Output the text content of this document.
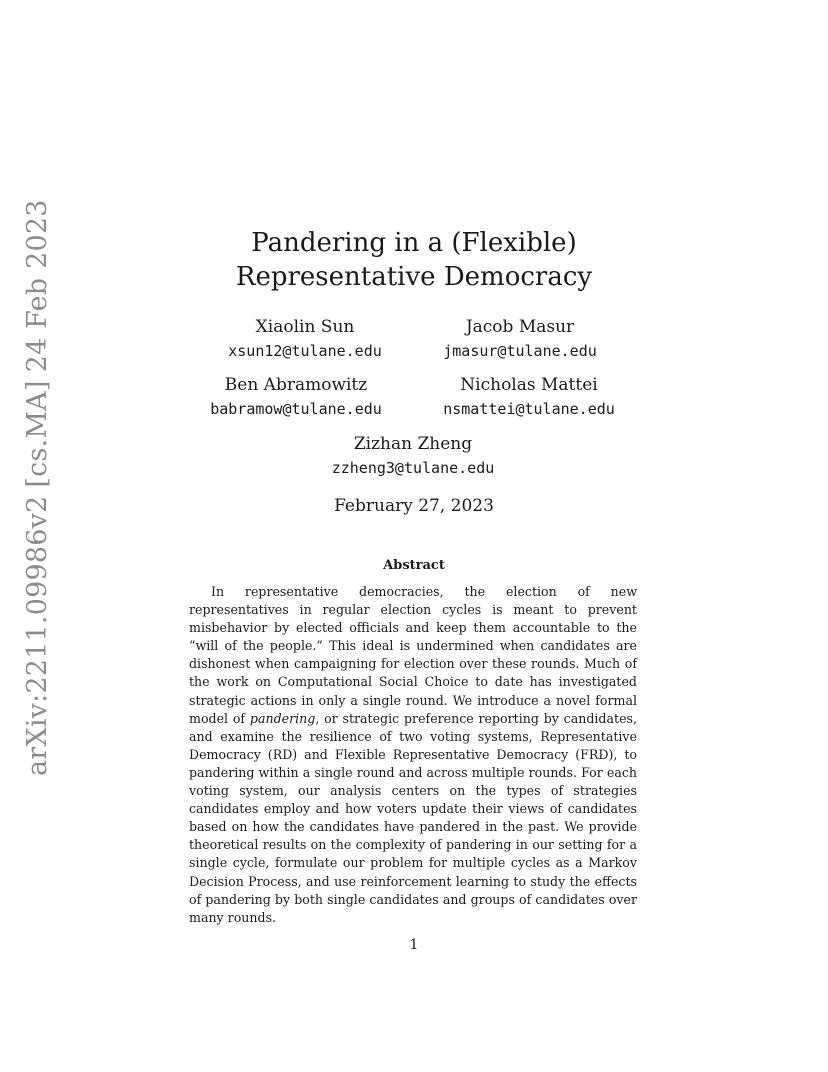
arXiv:2211.09986v2[cs.MA]24 Feb 2023	Pandering in a (Flexible) Representative Democracy
Xiaolin Sun
xsun12@tulane.edu
Jacob Masur
jmasur@tulane.edu
Ben Abramowitz
babramow@tulane.edu
Nicholas Mattei
nsmattei@tulane.edu
Zizhan Zheng
zzheng3@tulane.edu
February 27, 2023
Abstract

In representative democracies, the election of new representatives in regular election cycles is meant to prevent misbehavior by elected officials and keep them accountable to the “will of the people.” This ideal is undermined when candidates are dishonest when campaigning for election over these rounds. Much of the work on Computational Social Choice to date has investigated strategic actions in only a single round. We introduce a novel formal model of pandering, or strategic preference reporting by candidates, and examine the resilience of two voting systems, Representative Democracy (RD) and Flexible Representative Democracy (FRD), to pandering within a single round and across multiple rounds. For each voting system, our analysis centers on the types of strategies candidates employ and how voters update their views of candidates based on how the candidates have pandered in the past. We provide theoretical results on the complexity of pandering in our setting for a single cycle, formulate our problem for multiple cycles as a Markov Decision Process, and use reinforcement learning to study the effects of pandering by both single candidates and groups of candidates over many rounds.

1
